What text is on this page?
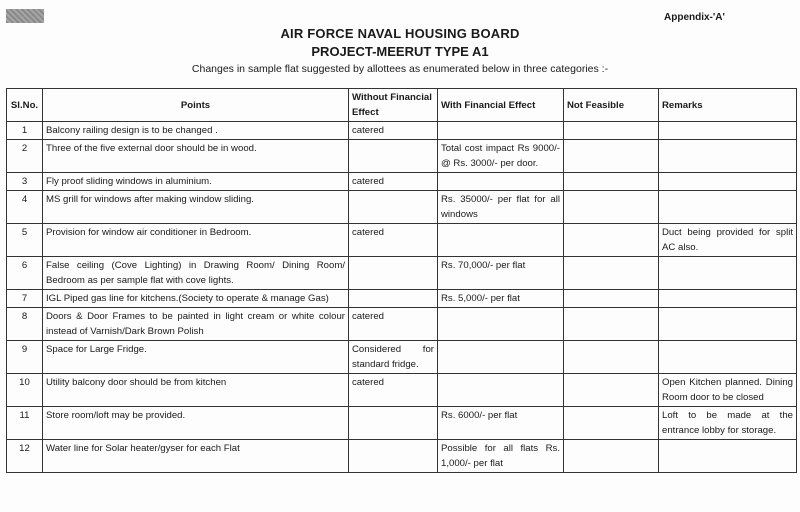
Appendix-'A'
AIR FORCE NAVAL HOUSING BOARD
PROJECT-MEERUT TYPE A1
Changes in sample flat suggested by allottees as enumerated below in three categories :-
Sl.No.	Points	Without Financial Effect	With Financial Effect	Not Feasible	Remarks
1	Balcony railing design is to be changed .	catered			
2	Three of the five external door should be in wood.		Total cost impact Rs 9000/-@ Rs. 3000/- per door.		
3	Fly proof sliding windows in aluminium.	catered			
4	MS grill for windows after making window sliding.		Rs. 35000/- per flat for all windows		
5	Provision for window air conditioner in Bedroom.	catered			Duct being provided for split AC also.
6	False ceiling (Cove Lighting) in Drawing Room/ Dining Room/ Bedroom as per sample flat with cove lights.		Rs. 70,000/- per flat		
7	IGL Piped gas line for kitchens.(Society to operate & manage Gas)		Rs. 5,000/- per flat		
8	Doors & Door Frames to be painted in light cream or white colour instead of Varnish/Dark Brown Polish	catered			
9	Space for Large Fridge.	Considered for standard fridge.			
10	Utility balcony door should be from kitchen	catered			Open Kitchen planned. Dining Room door to be closed
11	Store room/loft may be provided.		Rs. 6000/- per flat		Loft to be made at the entrance lobby for storage.
12	Water line for Solar heater/gyser for each Flat		Possible for all flats Rs. 1,000/- per flat		
